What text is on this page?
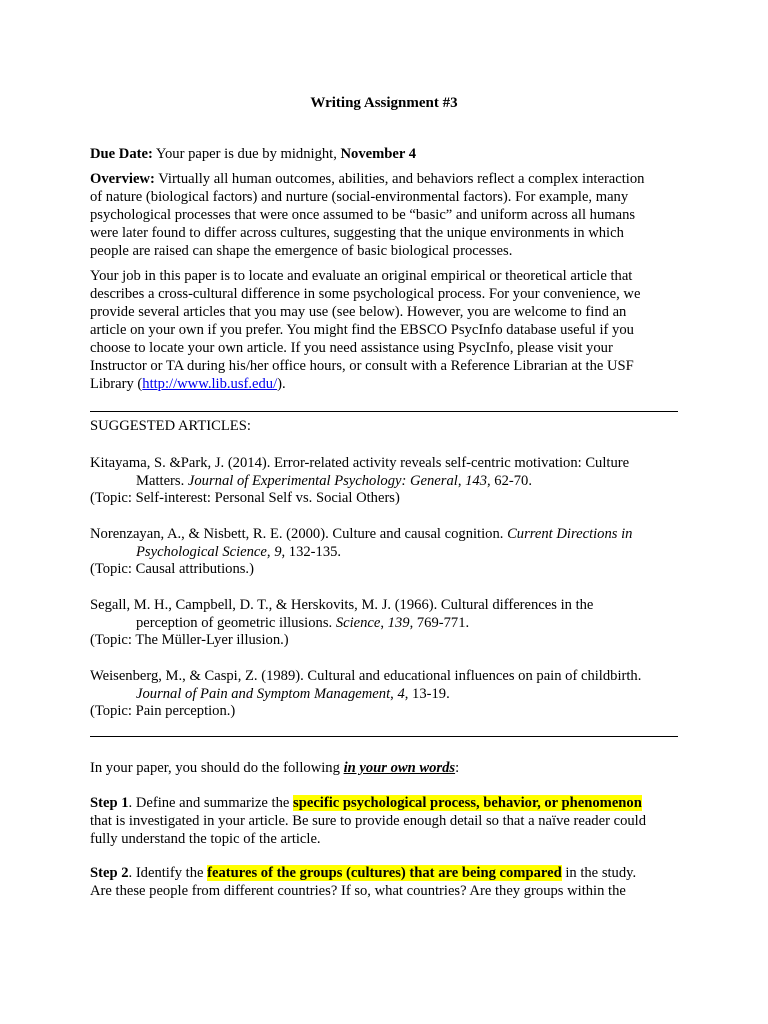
Writing Assignment #3
Due Date: Your paper is due by midnight, November 4
Overview: Virtually all human outcomes, abilities, and behaviors reflect a complex interaction
of nature (biological factors) and nurture (social-environmental factors). For example, many
psychological processes that were once assumed to be “basic” and uniform across all humans
were later found to differ across cultures, suggesting that the unique environments in which
people are raised can shape the emergence of basic biological processes.
Your job in this paper is to locate and evaluate an original empirical or theoretical article that
describes a cross-cultural difference in some psychological process. For your convenience, we
provide several articles that you may use (see below). However, you are welcome to find an
article on your own if you prefer. You might find the EBSCO PsycInfo database useful if you
choose to locate your own article. If you need assistance using PsycInfo, please visit your
Instructor or TA during his/her office hours, or consult with a Reference Librarian at the USF
Library (http://www.lib.usf.edu/).
SUGGESTED ARTICLES:
Kitayama, S. &Park, J. (2014). Error-related activity reveals self-centric motivation: Culture
Matters. Journal of Experimental Psychology: General, 143, 62-70.
(Topic: Self-interest: Personal Self vs. Social Others)
Norenzayan, A., & Nisbett, R. E. (2000). Culture and causal cognition. Current Directions in
Psychological Science, 9, 132-135.
(Topic: Causal attributions.)
Segall, M. H., Campbell, D. T., & Herskovits, M. J. (1966). Cultural differences in the
perception of geometric illusions. Science, 139, 769-771.
(Topic: The Müller-Lyer illusion.)
Weisenberg, M., & Caspi, Z. (1989). Cultural and educational influences on pain of childbirth.
Journal of Pain and Symptom Management, 4, 13-19.
(Topic: Pain perception.)
In your paper, you should do the following in your own words:
Step 1. Define and summarize the specific psychological process, behavior, or phenomenon
that is investigated in your article. Be sure to provide enough detail so that a naïve reader could
fully understand the topic of the article.
Step 2. Identify the features of the groups (cultures) that are being compared in the study.
Are these people from different countries? If so, what countries? Are they groups within the
